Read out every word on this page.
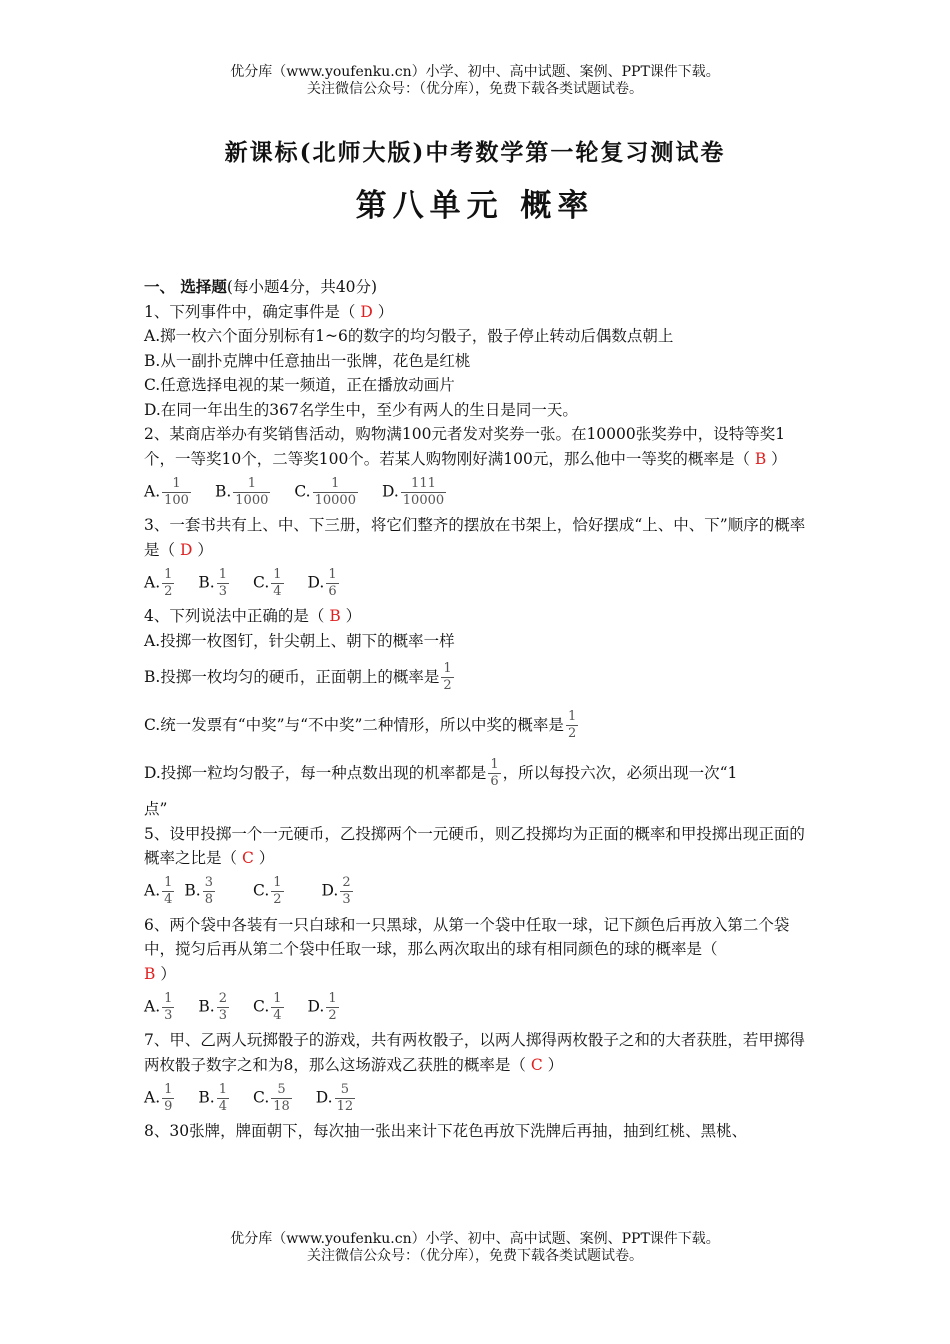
优分库（www.youfenku.cn）小学、初中、高中试题、案例、PPT课件下载。
关注微信公众号：（优分库），免费下载各类试题试卷。
新课标(北师大版)中考数学第一轮复习测试卷
第八单元 概率

一、 选择题(每小题4分，共40分)

1、下列事件中，确定事件是（ D ）

A.掷一枚六个面分别标有1~6的数字的均匀骰子，骰子停止转动后偶数点朝上

B.从一副扑克牌中任意抽出一张牌，花色是红桃

C.任意选择电视的某一频道，正在播放动画片

D.在同一年出生的367名学生中，至少有两人的生日是同一天。

2、某商店举办有奖销售活动，购物满100元者发对奖券一张。在10000张奖券中，设特等奖1个，一等奖10个，二等奖100个。若某人购物刚好满100元，那么他中一等奖的概率是（ B ）

A. $\frac{1}{100} B$. $\frac{1}{1000} C$. $\frac{1}{10000} D$. $\frac{111}{10000}$

3、一套书共有上、中、下三册，将它们整齐的摆放在书架上，恰好摆成“上、中、下”顺序的概率是（ D ）

A. $\frac{1}{2} B$. $\frac{1}{3} C$. $\frac{1}{4} D$. $\frac{1}{6}$

4、下列说法中正确的是（ B ）

A.投掷一枚图钉，针尖朝上、朝下的概率一样

B.投掷一枚均匀的硬币，正面朝上的概率是 1
2
C.统一发票有“中奖”与“不中奖”二种情形，所以中奖的概率是 1
2
D.投掷一粒均匀骰子，每一种点数出现的机率都是 1
6 ，所以每投六次，必须出现一次“1

点”

5、设甲投掷一个一元硬币，乙投掷两个一元硬币，则乙投掷均为正面的概率和甲投掷出现正面的概率之比是（ C ）

A. $\frac{1}{4} B$. $\frac{3}{8} C$. $\frac{1}{2} D$. $\frac{2}{3}$

6、两个袋中各装有一只白球和一只黑球，从第一个袋中任取一球，记下颜色后再放入第二个袋中，搅匀后再从第二个袋中任取一球，那么两次取出的球有相同颜色的球的概率是（
B ）

A. $\frac{1}{3} B$. $\frac{2}{3} C$. $\frac{1}{4} D$. $\frac{1}{2}$

7、甲、乙两人玩掷骰子的游戏，共有两枚骰子，以两人掷得两枚骰子之和的大者获胜，若甲掷得两枚骰子数字之和为8，那么这场游戏乙获胜的概率是（ C ）

A. $\frac{1}{9} B$. $\frac{1}{4} C$. $\frac{5}{18} D$. $\frac{5}{12}$

8、30张牌，牌面朝下，每次抽一张出来计下花色再放下洗牌后再抽，抽到红桃、黑桃、

优分库（www.youfenku.cn）小学、初中、高中试题、案例、PPT课件下载。
关注微信公众号：（优分库），免费下载各类试题试卷。
